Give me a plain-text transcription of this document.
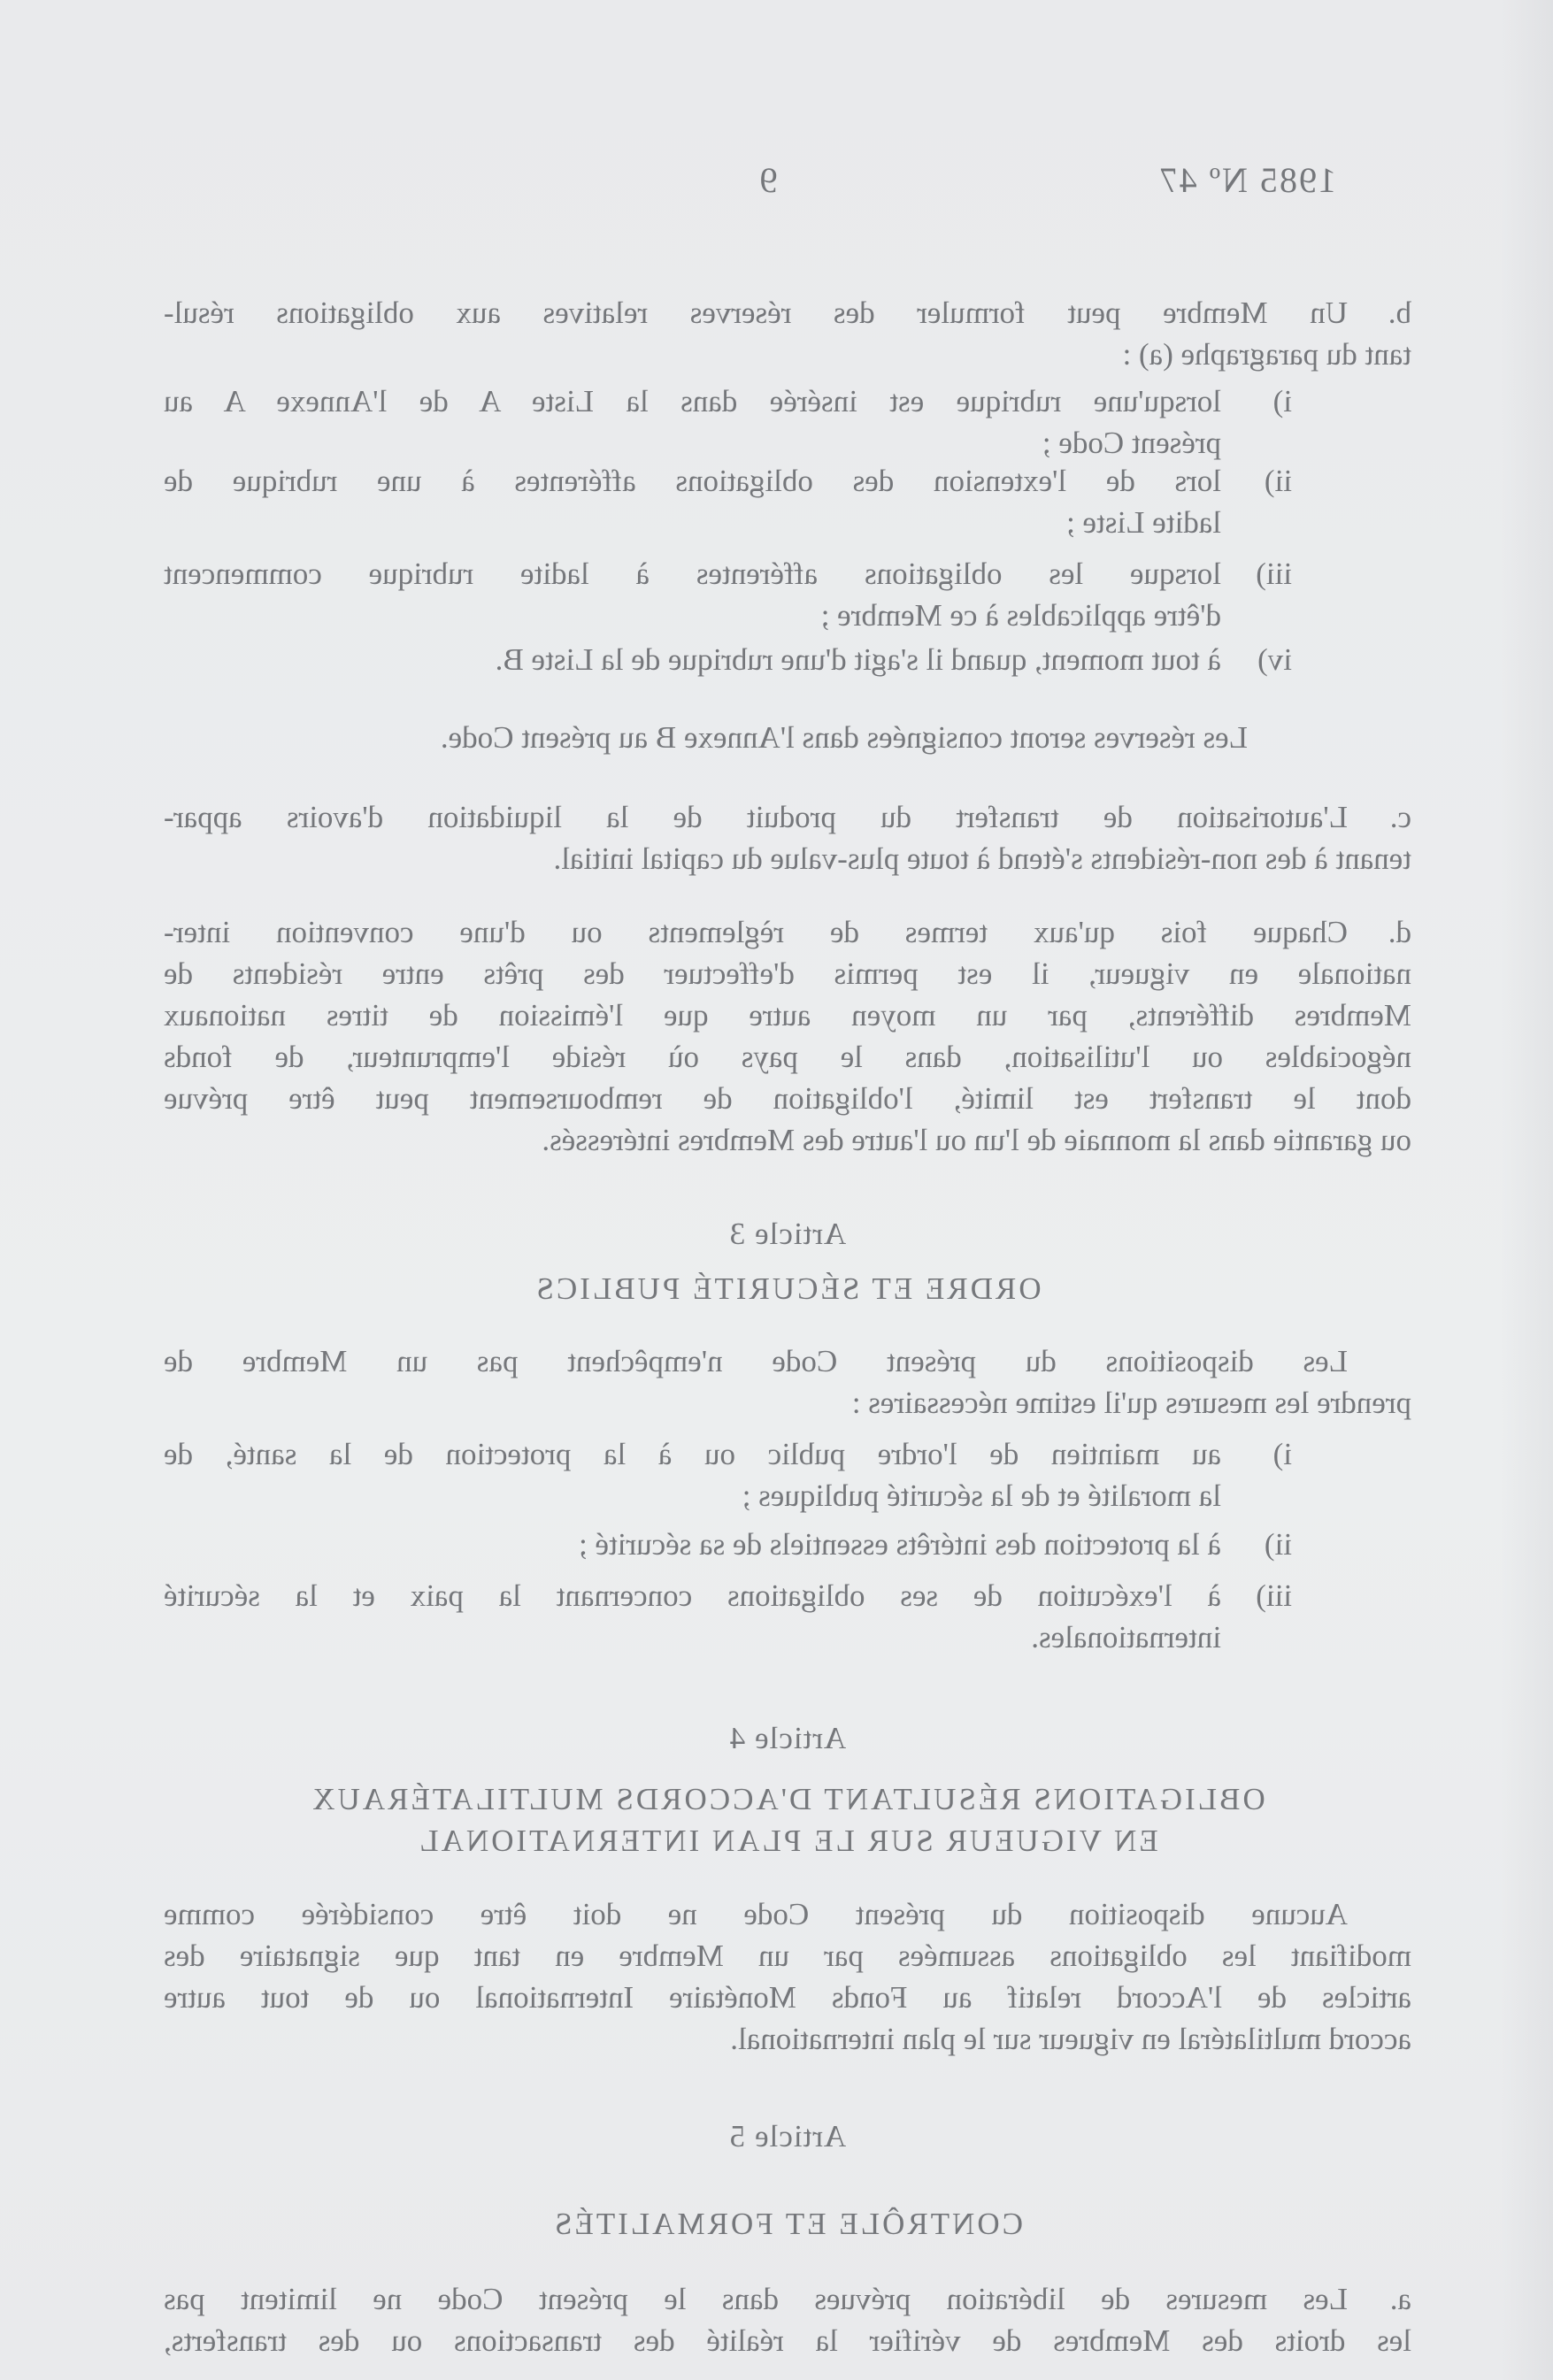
1985 Nº 47
9
b.Un Membre peut formuler des réserves relatives aux obligations résul-
tant du paragraphe (a) :
i)
lorsqu'une rubrique est insérée dans la Liste A de l'Annexe A au
présent Code ;
ii)
lors de l'extension des obligations afférentes à une rubrique de
ladite Liste ;
iii)
lorsque les obligations afférentes à ladite rubrique commencent
d'être applicables à ce Membre ;
iv)
à tout moment, quand il s'agit d'une rubrique de la Liste B.
Les réserves seront consignées dans l'Annexe B au présent Code.
c.L'autorisation de transfert du produit de la liquidation d'avoirs appar-
tenant à des non-résidents s'étend à toute plus-value du capital initial.
d.Chaque fois qu'aux termes de règlements ou d'une convention inter-
nationale en vigueur, il est permis d'effectuer des prêts entre résidents de
Membres différents, par un moyen autre que l'émission de titres nationaux
négociables ou l'utilisation, dans le pays où réside l'emprunteur, de fonds
dont le transfert est limité, l'obligation de remboursement peut être prévue
ou garantie dans la monnaie de l'un ou l'autre des Membres intéressés.
Article 3
ORDRE ET SÉCURITÉ PUBLICS
Les dispositions du présent Code n'empêchent pas un Membre de
prendre les mesures qu'il estime nécessaires :
i)
au maintien de l'ordre public ou à la protection de la santé, de
la moralité et de la sécurité publiques ;
ii)
à la protection des intérêts essentiels de sa sécurité ;
iii)
à l'exécution de ses obligations concernant la paix et la sécurité
internationales.
Article 4
OBLIGATIONS RÉSULTANT D'ACCORDS MULTILATÉRAUX
EN VIGUEUR SUR LE PLAN INTERNATIONAL
Aucune disposition du présent Code ne doit être considérée comme
modifiant les obligations assumées par un Membre en tant que signataire des
articles de l'Accord relatif au Fonds Monétaire International ou de tout autre
accord multilatéral en vigueur sur le plan international.
Article 5
CONTRÔLE ET FORMALITÉS
a.Les mesures de libération prévues dans le présent Code ne limitent pas
les droits des Membres de vérifier la réalité des transactions ou des transferts,
